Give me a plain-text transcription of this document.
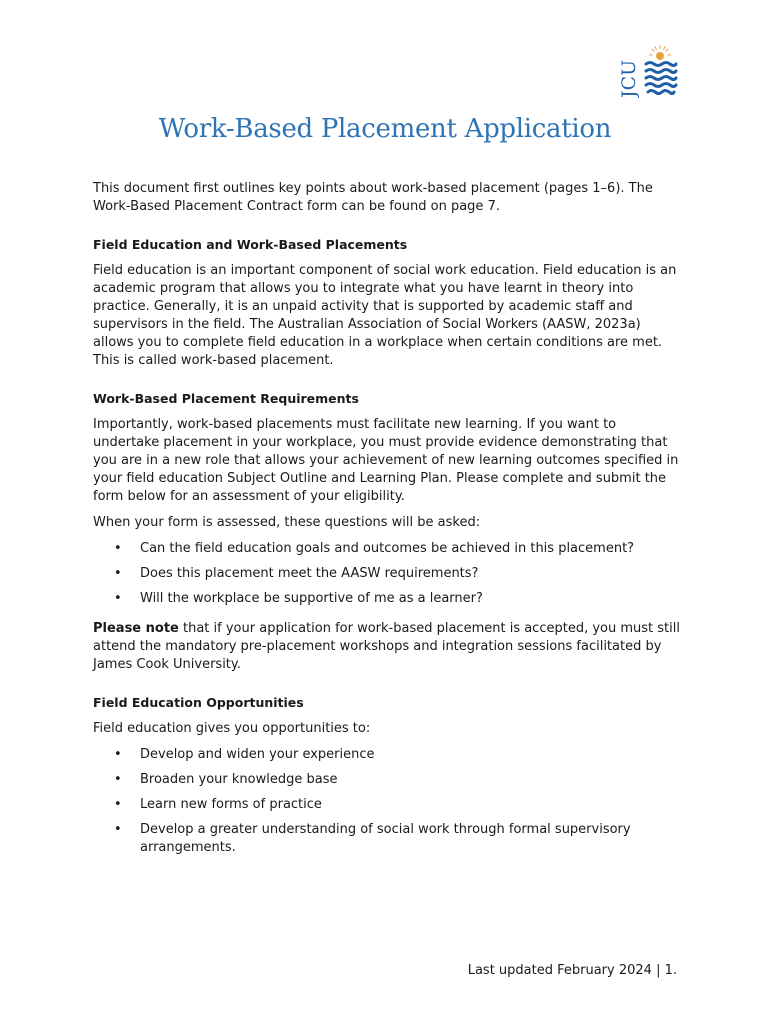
JCU
Work-Based Placement Application

This document first outlines key points about work-based placement (pages 1–6). The Work-Based Placement Contract form can be found on page 7.

Field Education and Work-Based Placements

Field education is an important component of social work education. Field education is an academic program that allows you to integrate what you have learnt in theory into practice. Generally, it is an unpaid activity that is supported by academic staff and supervisors in the field. The Australian Association of Social Workers (AASW, 2023a) allows you to complete field education in a workplace when certain conditions are met. This is called work-based placement.

Work-Based Placement Requirements

Importantly, work-based placements must facilitate new learning. If you want to undertake placement in your workplace, you must provide evidence demonstrating that you are in a new role that allows your achievement of new learning outcomes specified in your field education Subject Outline and Learning Plan. Please complete and submit the form below for an assessment of your eligibility.

When your form is assessed, these questions will be asked:

• Can the field education goals and outcomes be achieved in this placement?
• Does this placement meet the AASW requirements?
• Will the workplace be supportive of me as a learner?

Please note that if your application for work-based placement is accepted, you must still attend the mandatory pre-placement workshops and integration sessions facilitated by James Cook University.

Field Education Opportunities

Field education gives you opportunities to:

• Develop and widen your experience
• Broaden your knowledge base
• Learn new forms of practice
• Develop a greater understanding of social work through formal supervisory arrangements.
Last updated February 2024 | 1.
